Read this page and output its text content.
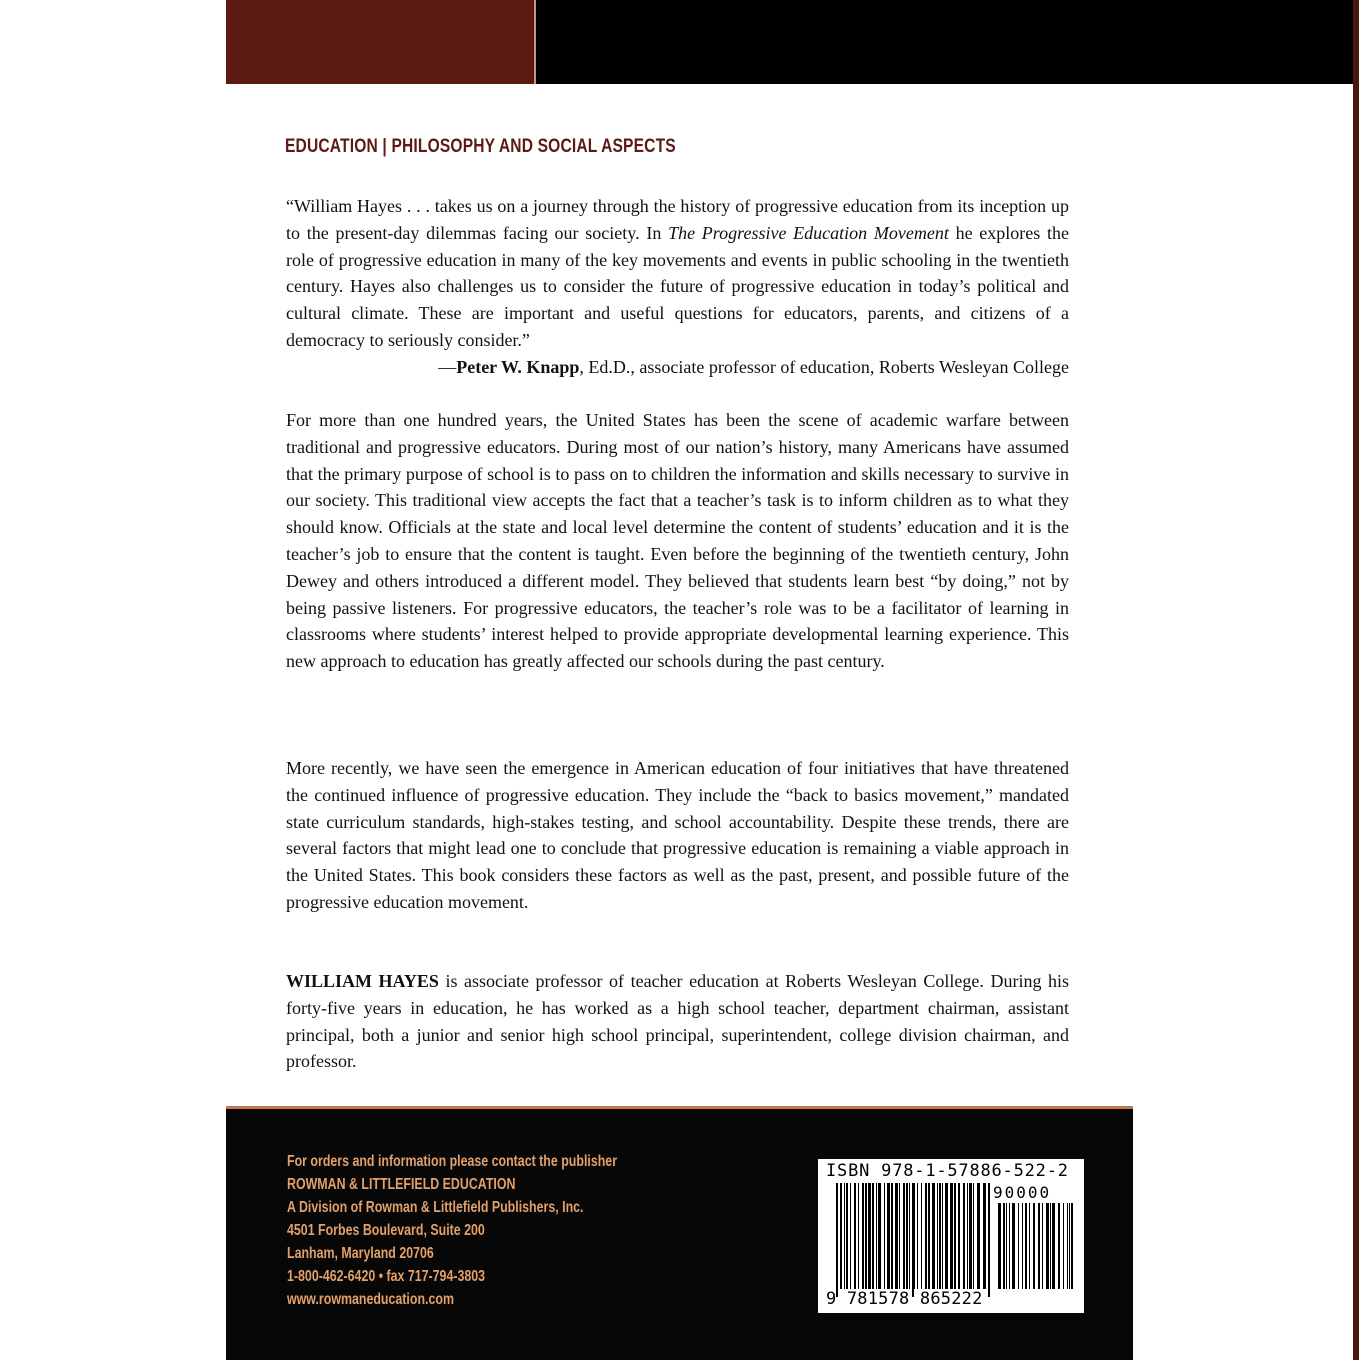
EDUCATION | PHILOSOPHY AND SOCIAL ASPECTS

“William Hayes . . . takes us on a journey through the history of progressive education from its inception up to the present-day dilemmas facing our society. In The Progressive Education Movement he explores the role of progressive education in many of the key movements and events in public schooling in the twentieth century. Hayes also challenges us to consider the future of progressive education in today’s political and cultural climate. These are important and useful questions for educators, parents, and citizens of a democracy to seriously consider.”

—Peter W. Knapp, Ed.D., associate professor of education, Roberts Wesleyan College

For more than one hundred years, the United States has been the scene of academic warfare between traditional and progressive educators. During most of our nation’s history, many Americans have assumed that the primary purpose of school is to pass on to children the information and skills necessary to survive in our society. This traditional view accepts the fact that a teacher’s task is to inform children as to what they should know. Officials at the state and local level determine the content of students’ education and it is the teacher’s job to ensure that the content is taught. Even before the beginning of the twentieth century, John Dewey and others introduced a different model. They believed that students learn best “by doing,” not by being passive listeners. For progressive educators, the teacher’s role was to be a facilitator of learning in classrooms where students’ interest helped to provide appropriate developmental learning experience. This new approach to education has greatly affected our schools during the past century.

More recently, we have seen the emergence in American education of four initiatives that have threatened the continued influence of progressive education. They include the “back to basics movement,” mandated state curriculum standards, high-stakes testing, and school accountability. Despite these trends, there are several factors that might lead one to conclude that progressive education is remaining a viable approach in the United States. This book considers these factors as well as the past, present, and possible future of the progressive education movement.

WILLIAM HAYES is associate professor of teacher education at Roberts Wesleyan College. During his forty-five years in education, he has worked as a high school teacher, department chairman, assistant principal, both a junior and senior high school principal, superintendent, college division chairman, and professor.

For orders and information please contact the publisher
ROWMAN & LITTLEFIELD EDUCATION
A Division of Rowman & Littlefield Publishers, Inc.
4501 Forbes Boulevard, Suite 200
Lanham, Maryland 20706
1-800-462-6420 • fax 717-794-3803
www.rowmaneducation.com
ISBN 978-1-57886-522-2
90000
9 781578 865222
